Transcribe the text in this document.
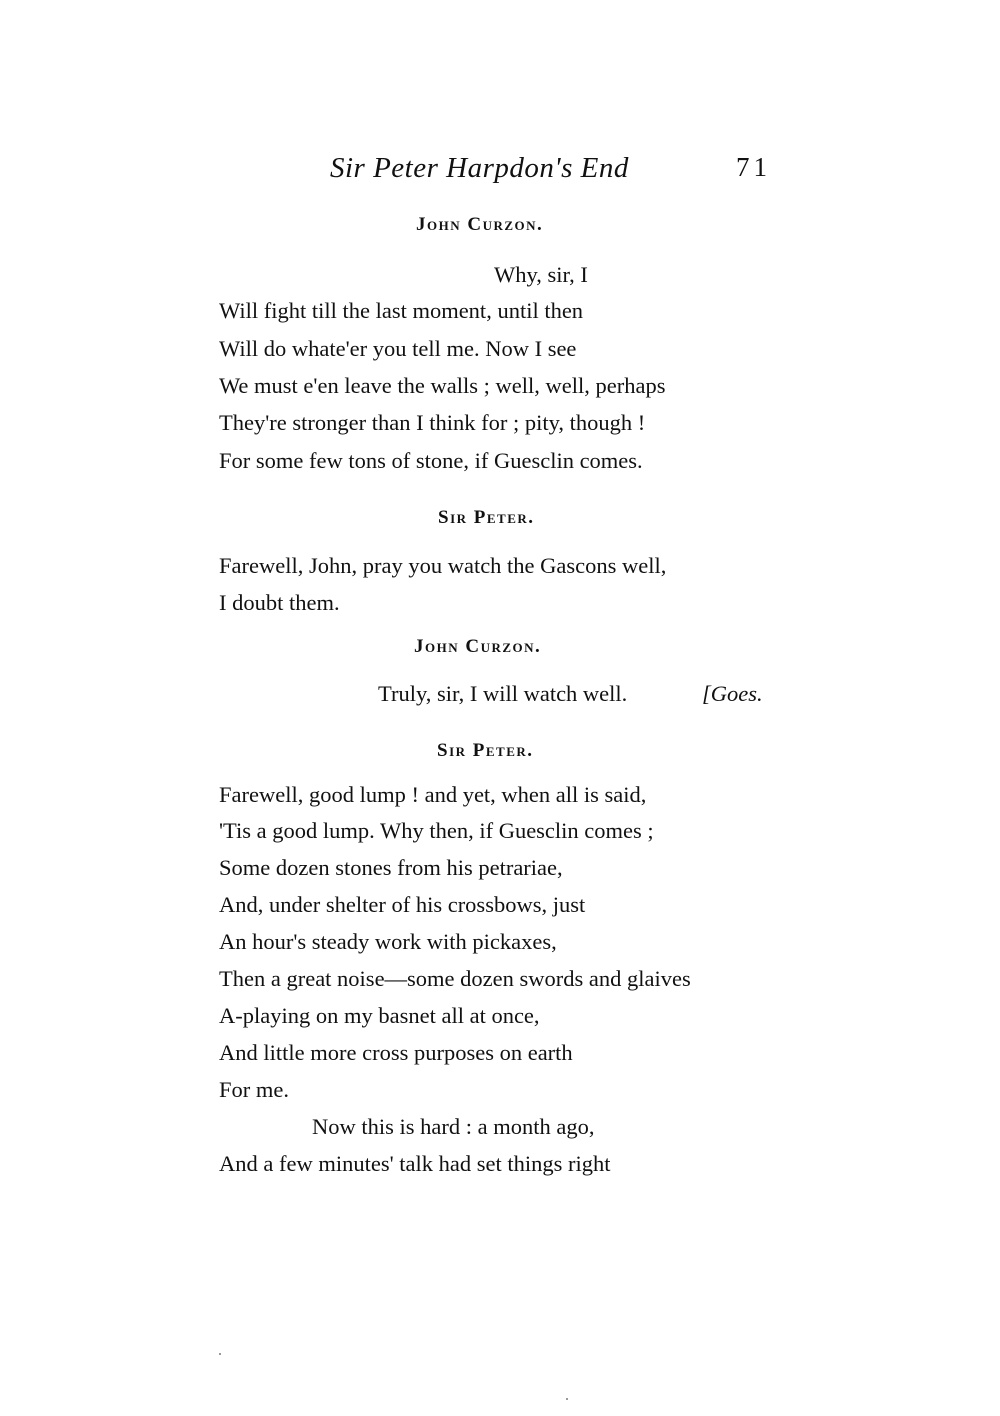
Sir Peter Harpdon's End	71
John Curzon.
Why, sir, I
Will fight till the last moment, until then
Will do whate'er you tell me. Now I see
We must e'en leave the walls ; well, well, perhaps
They're stronger than I think for ; pity, though !
For some few tons of stone, if Guesclin comes.
Sir Peter.
Farewell, John, pray you watch the Gascons well,
I doubt them.
John Curzon.
Truly, sir, I will watch well.	[Goes.
Sir Peter.
Farewell, good lump ! and yet, when all is said,
'Tis a good lump. Why then, if Guesclin comes ;
Some dozen stones from his petrariae,
And, under shelter of his crossbows, just
An hour's steady work with pickaxes,
Then a great noise—some dozen swords and glaives
A-playing on my basnet all at once,
And little more cross purposes on earth
For me.
Now this is hard : a month ago,
And a few minutes' talk had set things right
